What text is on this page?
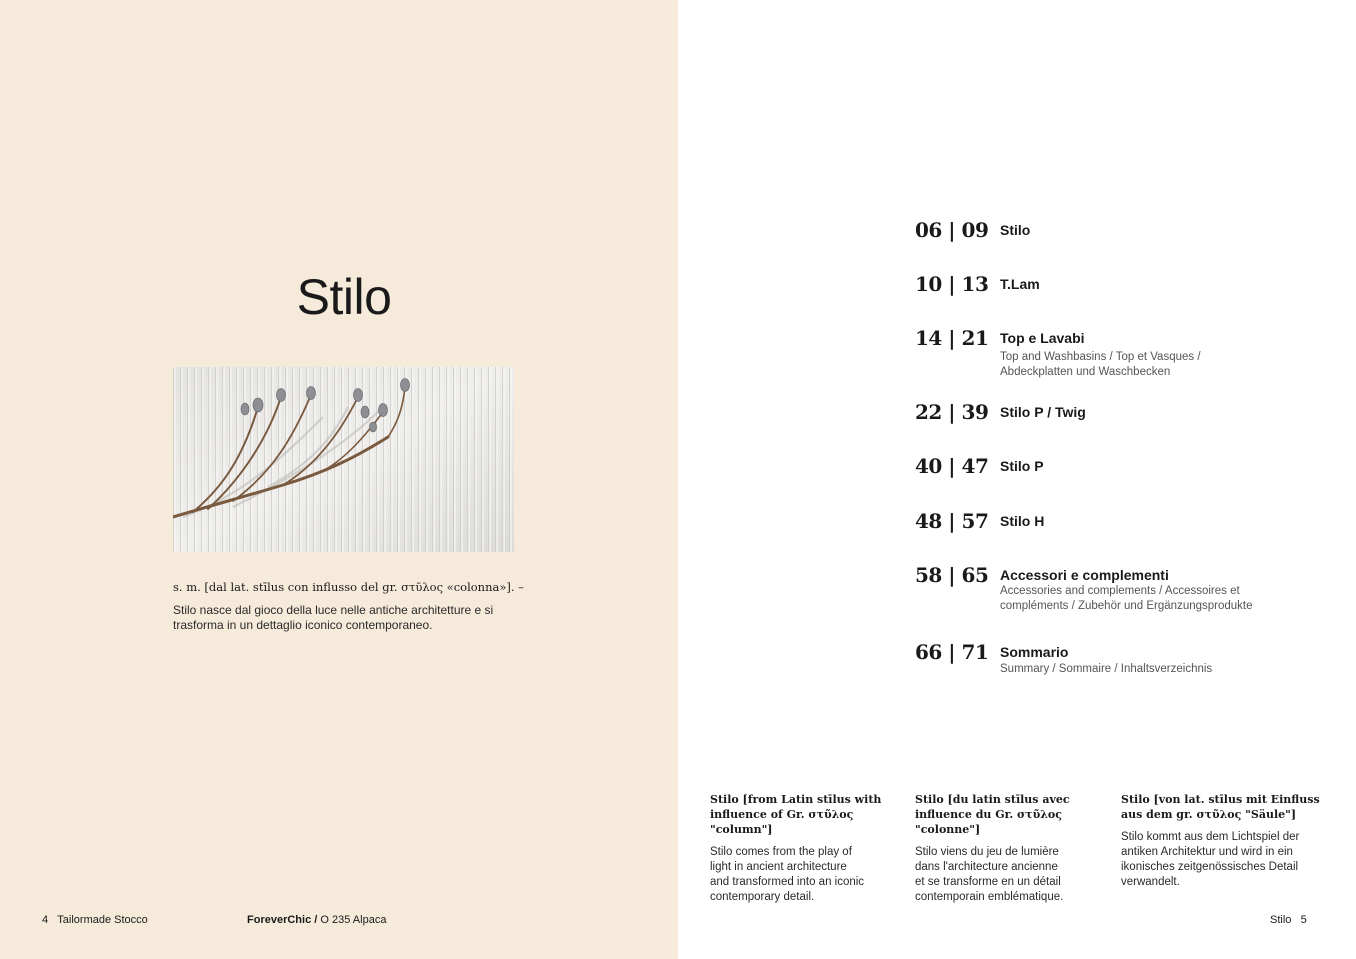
Stilo
s. m. [dal lat. stīlus con influsso del gr. στῦλος «colonna»]. –
Stilo nasce dal gioco della luce nelle antiche architetture e si trasforma in un dettaglio iconico contemporaneo.
4 Tailormade Stocco	ForeverChic / O 235 Alpaca
06 | 09 Stilo
10 | 13 T.Lam
14 | 21 Top e Lavabi
Top and Washbasins / Top et Vasques / Abdeckplatten und Waschbecken
22 | 39 Stilo P / Twig
40 | 47 Stilo P
48 | 57 Stilo H
58 | 65 Accessori e complementi
Accessories and complements / Accessoires et compléments / Zubehör und Ergänzungsprodukte
66 | 71 Sommario
Summary / Sommaire / Inhaltsverzeichnis
Stilo [from Latin stīlus with influence of Gr. στῦλος "column"]
Stilo comes from the play of
light in ancient architecture
and transformed into an iconic
contemporary detail.
Stilo [du latin stīlus avec influence du Gr. στῦλος "colonne"]
Stilo viens du jeu de lumière
dans l'architecture ancienne
et se transforme en un détail
contemporain emblématique.
Stilo [von lat. stīlus mit Einfluss aus dem gr. στῦλος "Säule"]
Stilo kommt aus dem Lichtspiel der
antiken Architektur und wird in ein
ikonisches zeitgenössisches Detail
verwandelt.
Stilo 5
